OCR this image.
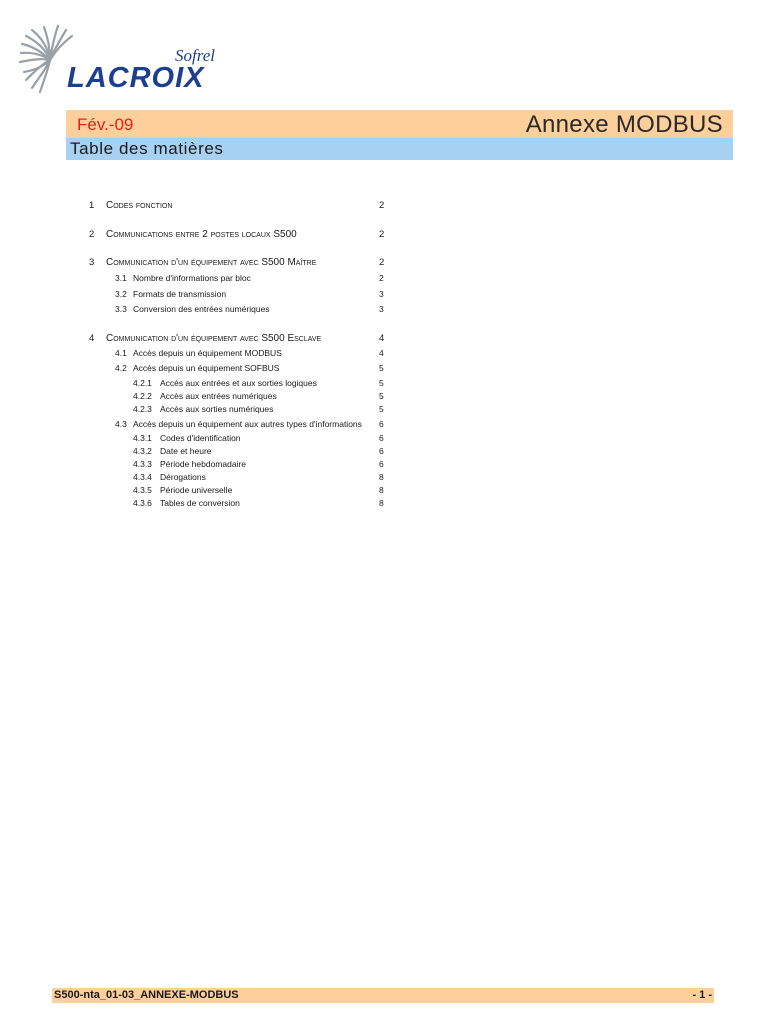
Sofrel
LACROIX
Fév.-09	Annexe MODBUS
Table des matières
1 Codes fonction	2
2 Communications entre 2 postes locaux S500	2
3 Communication d'un équipement avec S500 Maître	2
3.1 Nombre d'informations par bloc	2
3.2 Formats de transmission	3
3.3 Conversion des entrées numériques	3
4 Communication d'un équipement avec S500 Esclave	4
4.1 Accès depuis un équipement MODBUS	4
4.2 Accès depuis un équipement SOFBUS	5
4.2.1 Accès aux entrées et aux sorties logiques	5
4.2.2 Accès aux entrées numériques	5
4.2.3 Accès aux sorties numériques	5
4.3 Accès depuis un équipement aux autres types d'informations 6
4.3.1 Codes d'identification	6
4.3.2 Date et heure	6
4.3.3 Période hebdomadaire	6
4.3.4 Dérogations	8
4.3.5 Période universelle	8
4.3.6 Tables de conversion	8
S500-nta_01-03_ANNEXE-MODBUS	- 1 -
